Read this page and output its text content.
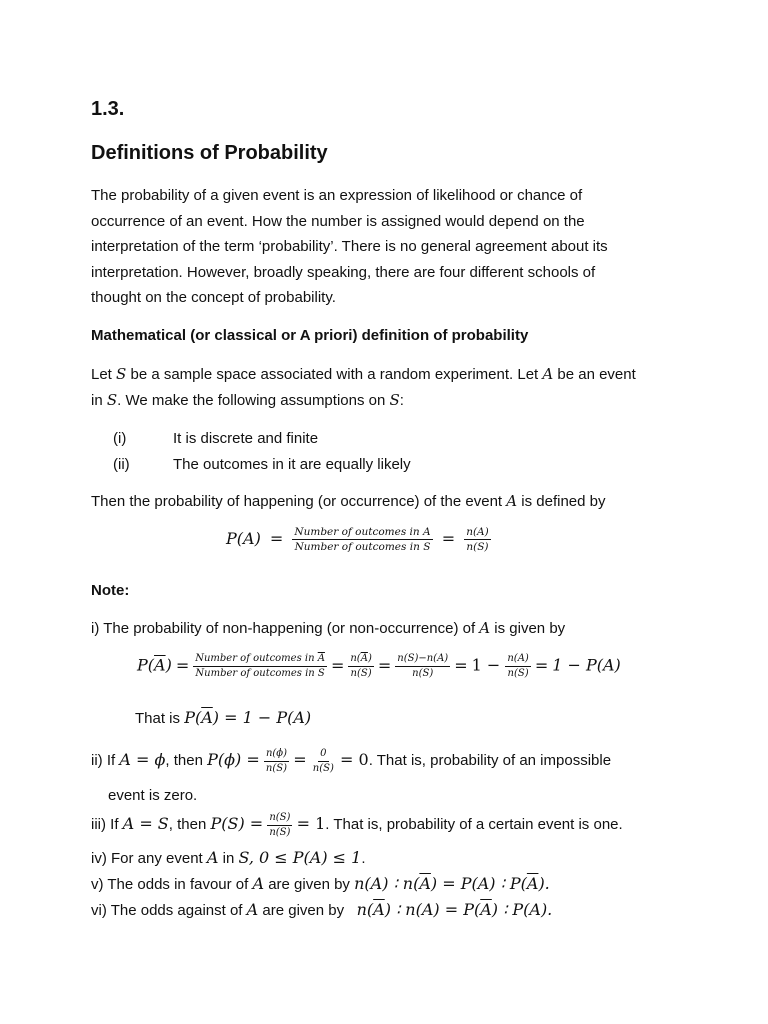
1.3.
Definitions of Probability
The probability of a given event is an expression of likelihood or chance of
occurrence of an event. How the number is assigned would depend on the
interpretation of the term ‘probability’. There is no general agreement about its
interpretation. However, broadly speaking, there are four different schools of
thought on the concept of probability.
Mathematical (or classical or A priori) definition of probability
Let S be a sample space associated with a random experiment. Let A be an event
in S. We make the following assumptions on S:
(i)	It is discrete and finite
(ii)	The outcomes in it are equally likely
Then the probability of happening (or occurrence) of the event A is defined by
$P(A) = \frac{\text{Number of outcomes in A}}{\text{Number of outcomes in S}} = \frac{n(A)}{n(S)}$
Note:
i) The probability of non-happening (or non-occurrence) of A is given by
$P(\overline{A}) = \frac{Number of outcomes in \overline{A}}{\text{Number of outcomes in S}} = \frac{n(\overline{A})}{n(S)} = \frac{n(S)-n(A)}{n(S)} = 1 - \frac{n(A)}{n(S)} = 1 - P(A)$
That is $P(\overline{A}) = 1 - P(A)$
ii) If A = ϕ, then $P(\phi) = \frac{n(\phi)}{n(S)} = \frac{0}{n(S)} = 0$. That is, probability of an impossible
event is zero.
iii) If A = S, then $P(S) = \frac{n(S)}{n(S)} = 1$. That is, probability of a certain event is one.
iv) For any event A in S, 0 ≤ P(A) ≤ 1.
v) The odds in favour of A are given by n(A) ∶ $n(\overline{A}) = P(A)$ ∶ $P(\overline{A})$.
vi) The odds against of A are given by   $n(\overline{A})$ ∶ $n(A) = P(\overline{A})$ ∶ P(A).
